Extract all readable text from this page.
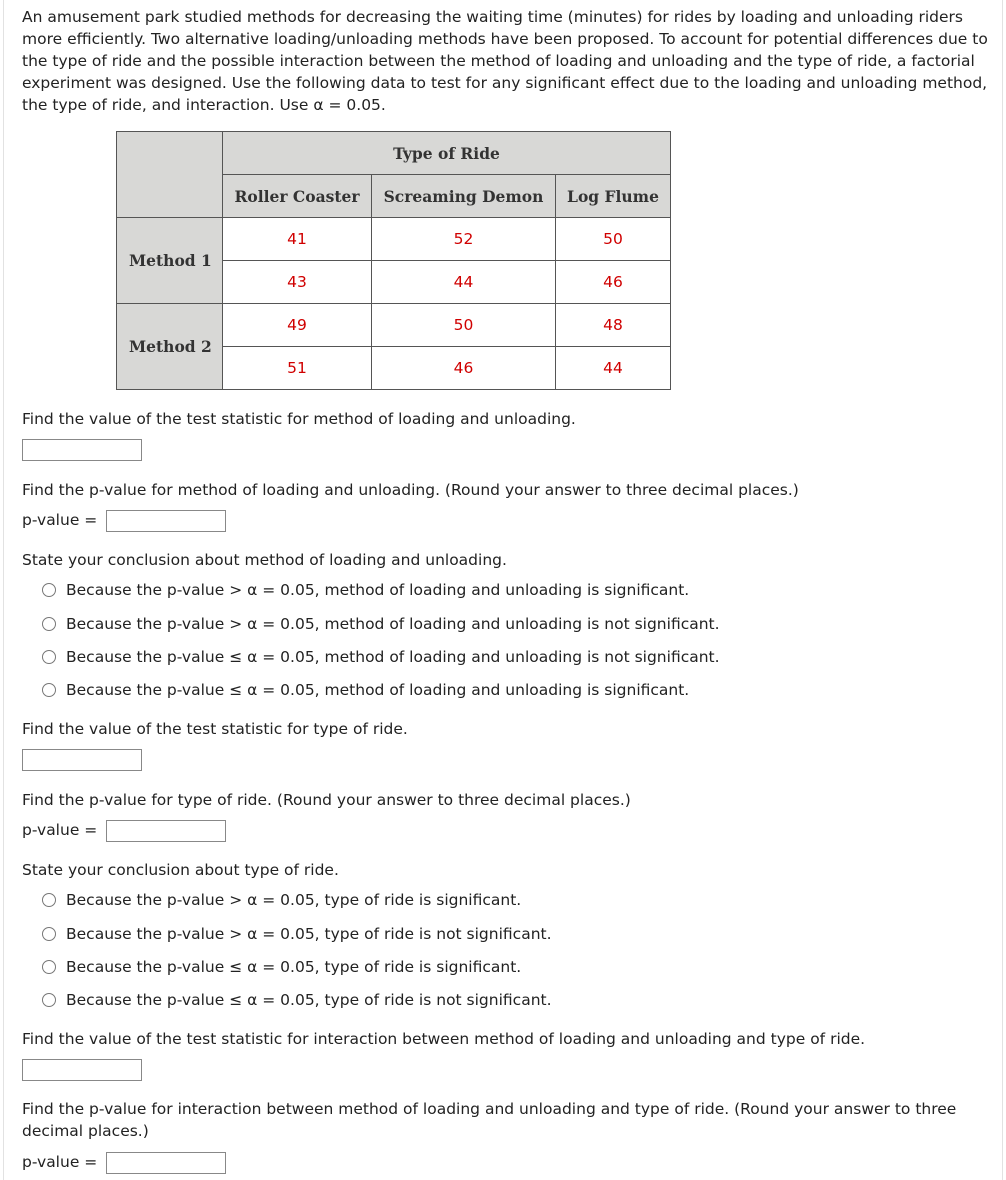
An amusement park studied methods for decreasing the waiting time (minutes) for rides by loading and unloading riders more efficiently. Two alternative loading/unloading methods have been proposed. To account for potential differences due to the type of ride and the possible interaction between the method of loading and unloading and the type of ride, a factorial experiment was designed. Use the following data to test for any significant effect due to the loading and unloading method, the type of ride, and interaction. Use α = 0.05.

	Type of Ride		
	Roller Coaster	Screaming Demon	Log Flume
Method 1	41	52	50
	43	44	46
Method 2	49	50	48
	51	46	44

Find the value of the test statistic for method of loading and unloading.

Find the p-value for method of loading and unloading. (Round your answer to three decimal places.)

p-value =

State your conclusion about method of loading and unloading.

Because the p-value > α = 0.05, method of loading and unloading is significant.
Because the p-value > α = 0.05, method of loading and unloading is not significant.
Because the p-value ≤ α = 0.05, method of loading and unloading is not significant.
Because the p-value ≤ α = 0.05, method of loading and unloading is significant.

Find the value of the test statistic for type of ride.

Find the p-value for type of ride. (Round your answer to three decimal places.)

p-value =

State your conclusion about type of ride.

Because the p-value > α = 0.05, type of ride is significant.
Because the p-value > α = 0.05, type of ride is not significant.
Because the p-value ≤ α = 0.05, type of ride is significant.
Because the p-value ≤ α = 0.05, type of ride is not significant.

Find the value of the test statistic for interaction between method of loading and unloading and type of ride.

Find the p-value for interaction between method of loading and unloading and type of ride. (Round your answer to three decimal places.)

p-value =
